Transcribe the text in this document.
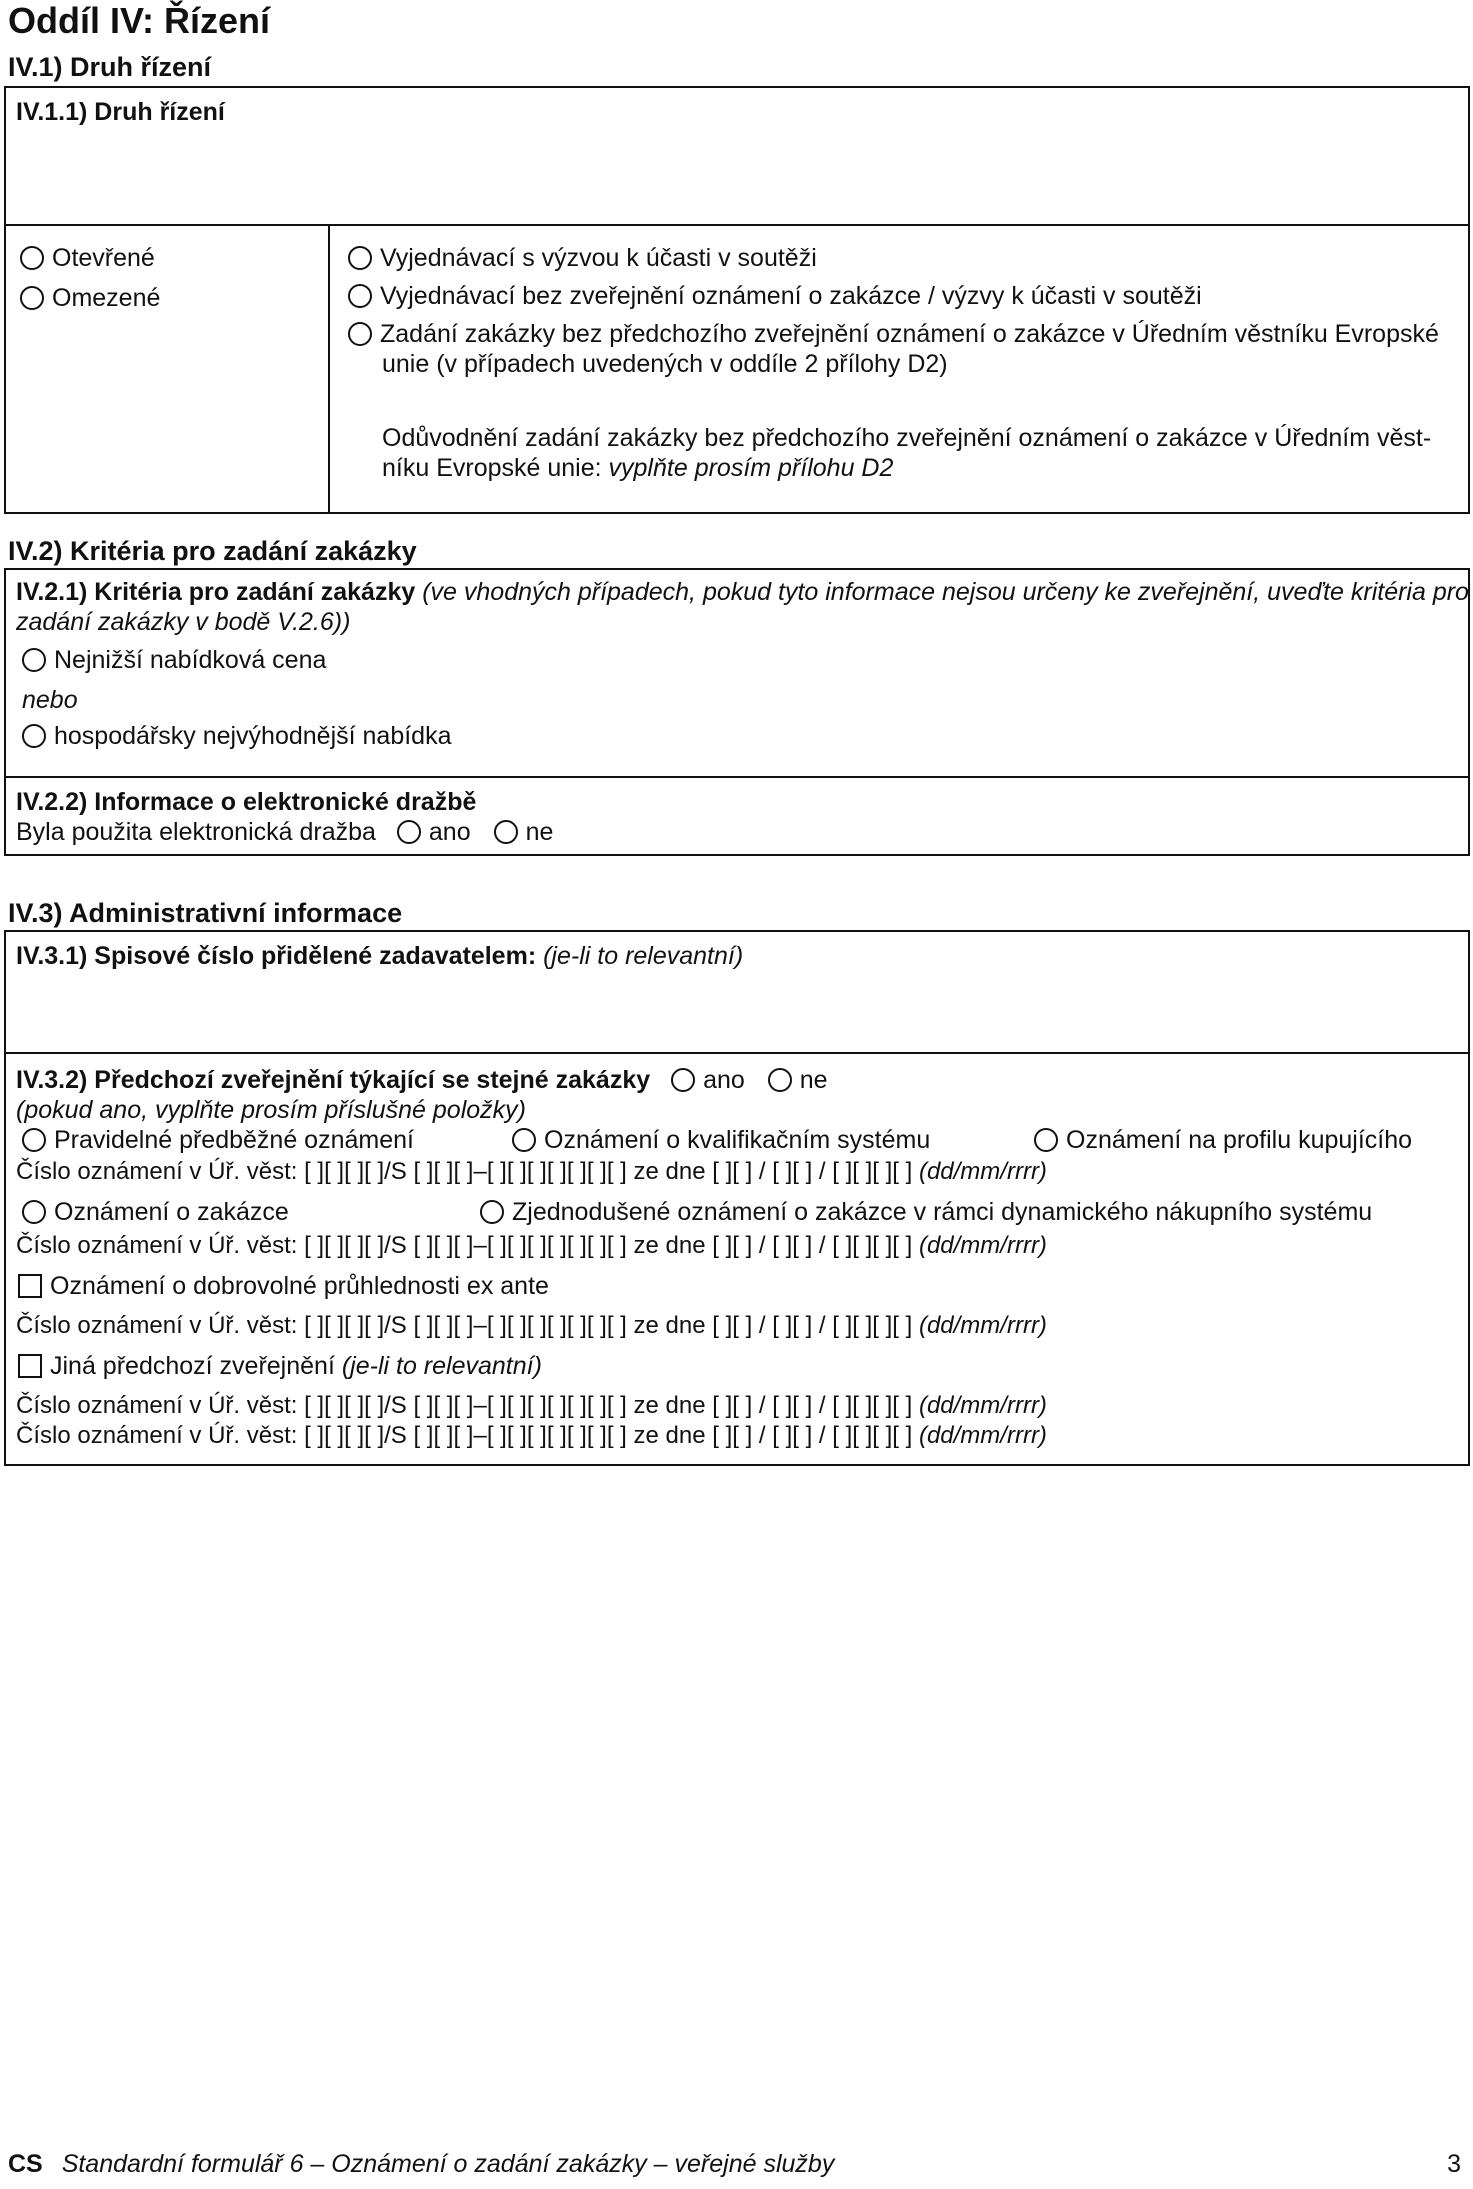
Oddíl IV: Řízení
IV.1) Druh řízení
IV.1.1) Druh řízení
Otevřené
Omezené
Vyjednávací s výzvou k účasti v soutěži
Vyjednávací bez zveřejnění oznámení o zakázce / výzvy k účasti v soutěži
Zadání zakázky bez předchozího zveřejnění oznámení o zakázce v Úředním věstníku Evropské
unie (v případech uvedených v oddíle 2 přílohy D2)
Odůvodnění zadání zakázky bez předchozího zveřejnění oznámení o zakázce v Úředním věst-
níku Evropské unie: vyplňte prosím přílohu D2
IV.2) Kritéria pro zadání zakázky
IV.2.1) Kritéria pro zadání zakázky (ve vhodných případech, pokud tyto informace nejsou určeny ke zveřejnění, uveďte kritéria pro
zadání zakázky v bodě V.2.6))
Nejnižší nabídková cena
nebo
hospodářsky nejvýhodnější nabídka
IV.2.2) Informace o elektronické dražbě
Byla použita elektronická dražba ano ne
IV.3) Administrativní informace
IV.3.1) Spisové číslo přidělené zadavatelem: (je-li to relevantní)
IV.3.2) Předchozí zveřejnění týkající se stejné zakázky ano ne
(pokud ano, vyplňte prosím příslušné položky)
Pravidelné předběžné oznámení	Oznámení o kvalifikačním systému	Oznámení na profilu kupujícího
Číslo oznámení v Úř. věst: [ ][ ][ ][ ]/S [ ][ ][ ]–[ ][ ][ ][ ][ ][ ][ ] ze dne [ ][ ] / [ ][ ] / [ ][ ][ ][ ] (dd/mm/rrrr)
Oznámení o zakázce	Zjednodušené oznámení o zakázce v rámci dynamického nákupního systému
Číslo oznámení v Úř. věst: [ ][ ][ ][ ]/S [ ][ ][ ]–[ ][ ][ ][ ][ ][ ][ ] ze dne [ ][ ] / [ ][ ] / [ ][ ][ ][ ] (dd/mm/rrrr)
Oznámení o dobrovolné průhlednosti ex ante
Číslo oznámení v Úř. věst: [ ][ ][ ][ ]/S [ ][ ][ ]–[ ][ ][ ][ ][ ][ ][ ] ze dne [ ][ ] / [ ][ ] / [ ][ ][ ][ ] (dd/mm/rrrr)
Jiná předchozí zveřejnění (je-li to relevantní)
Číslo oznámení v Úř. věst: [ ][ ][ ][ ]/S [ ][ ][ ]–[ ][ ][ ][ ][ ][ ][ ] ze dne [ ][ ] / [ ][ ] / [ ][ ][ ][ ] (dd/mm/rrrr)
Číslo oznámení v Úř. věst: [ ][ ][ ][ ]/S [ ][ ][ ]–[ ][ ][ ][ ][ ][ ][ ] ze dne [ ][ ] / [ ][ ] / [ ][ ][ ][ ] (dd/mm/rrrr)
CS Standardní formulář 6 – Oznámení o zadání zakázky – veřejné služby	3
